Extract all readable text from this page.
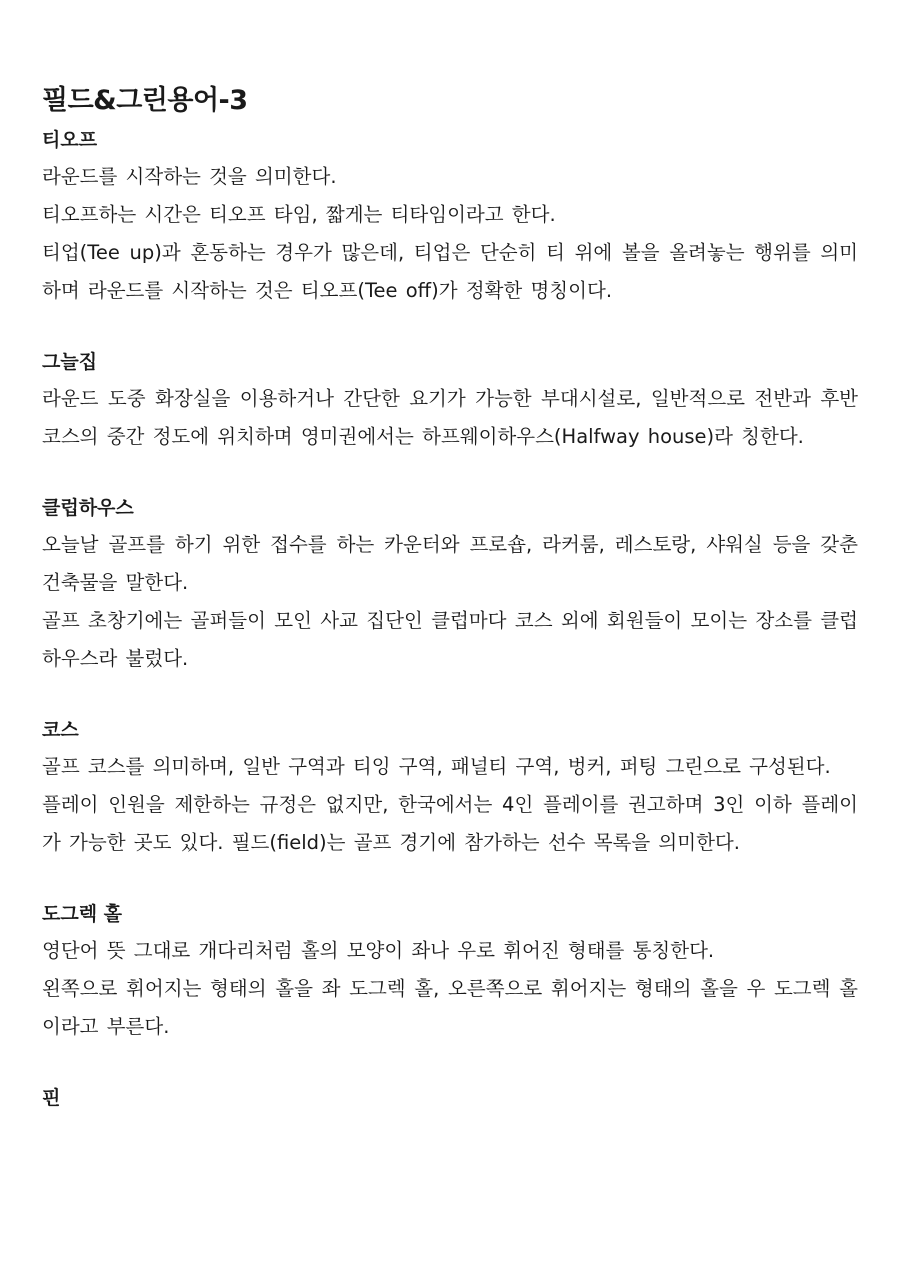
필드&그린용어-3
티오프

라운드를 시작하는 것을 의미한다.

티오프하는 시간은 티오프 타임, 짧게는 티타임이라고 한다.

티업(Tee up)과 혼동하는 경우가 많은데, 티업은 단순히 티 위에 볼을 올려놓는 행위를 의미하며 라운드를 시작하는 것은 티오프(Tee off)가 정확한 명칭이다.

그늘집

라운드 도중 화장실을 이용하거나 간단한 요기가 가능한 부대시설로, 일반적으로 전반과 후반 코스의 중간 정도에 위치하며 영미권에서는 하프웨이하우스(Halfway house)라 칭한다.

클럽하우스

오늘날 골프를 하기 위한 접수를 하는 카운터와 프로숍, 라커룸, 레스토랑, 샤워실 등을 갖춘 건축물을 말한다.

골프 초창기에는 골퍼들이 모인 사교 집단인 클럽마다 코스 외에 회원들이 모이는 장소를 클럽하우스라 불렀다.

코스

골프 코스를 의미하며, 일반 구역과 티잉 구역, 패널티 구역, 벙커, 퍼팅 그린으로 구성된다.

플레이 인원을 제한하는 규정은 없지만, 한국에서는 4인 플레이를 권고하며 3인 이하 플레이가 가능한 곳도 있다. 필드(field)는 골프 경기에 참가하는 선수 목록을 의미한다.

도그렉 홀

영단어 뜻 그대로 개다리처럼 홀의 모양이 좌나 우로 휘어진 형태를 통칭한다.

왼쪽으로 휘어지는 형태의 홀을 좌 도그렉 홀, 오른쪽으로 휘어지는 형태의 홀을 우 도그렉 홀이라고 부른다.

핀
